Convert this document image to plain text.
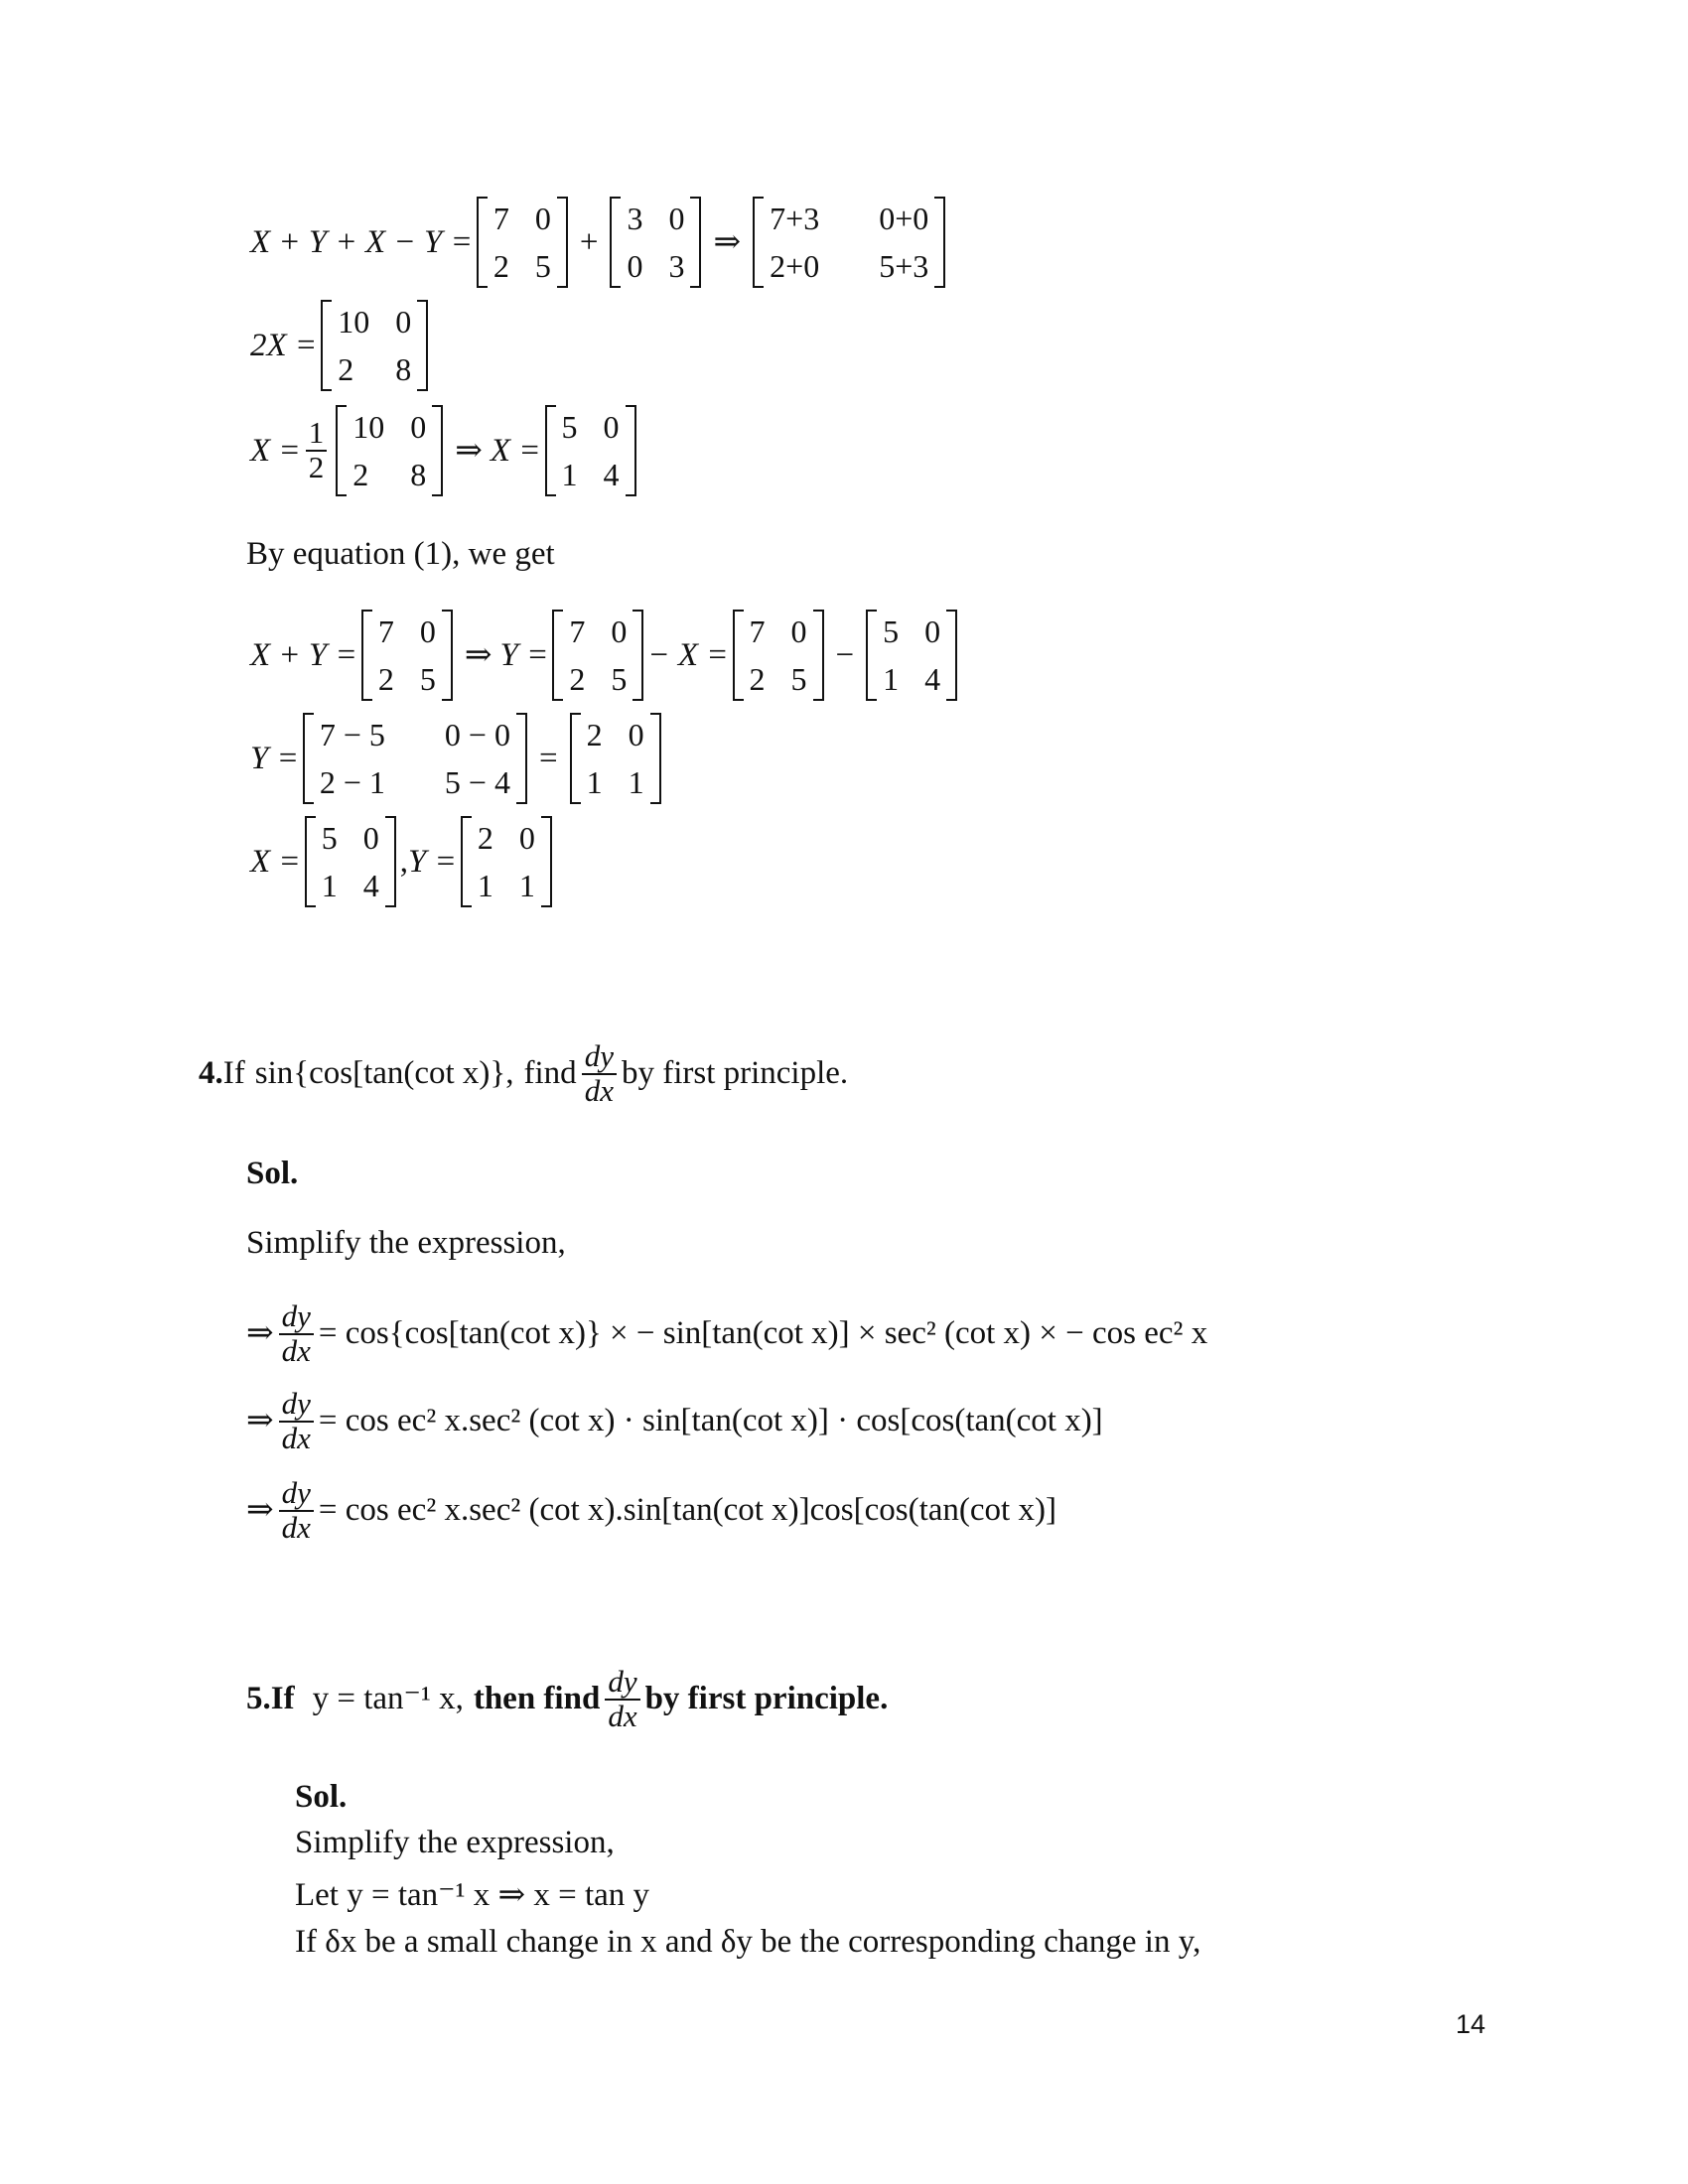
X + Y + X − Y =
7 0
2 5
+
3 0
0 3
⇒
7+3 0+0
2+0 5+3
2X =
10 0
2	8
$X = \frac{1}{2} 10$ 0
2	8
⇒ X =
5 0
1 4
By equation (1), we get
X + Y =
7 0
2 5
⇒ Y =
7 0
2 5
− X =
7 0
2 5
−
5 0
1 4
Y =
7 − 5 0 − 0
2 − 1 5 − 4
=
2 0
1 1
X =
5 0
1 4
, Y =
2 0
1 1
4. If sin{cos[tan(cot x)}, find $\frac{dy}{dx}$ by first principle.
Sol.
Simplify the expression,
⇒ $\frac{dy}{dx} = \cos\{\cos[\tan(\cot$ x)} × − sin[tan(cot x)] × sec² (cot x) × − cos ec² x
⇒ $\frac{dy}{dx} = \cos ec^2$ x.sec² (cot x) · sin[tan(cot x)] · cos[cos(tan(cot x)]
⇒ $\frac{dy}{dx} = \cos ec^2$ x.sec² (cot x).sin[tan(cot x)]cos[cos(tan(cot x)]
5. If y = tan⁻¹ x, then find $\frac{dy}{dx}$ by first principle.
Sol.
Simplify the expression,
Let y = tan⁻¹ x ⇒ x = tan y
If δx be a small change in x and δy be the corresponding change in y,
14
